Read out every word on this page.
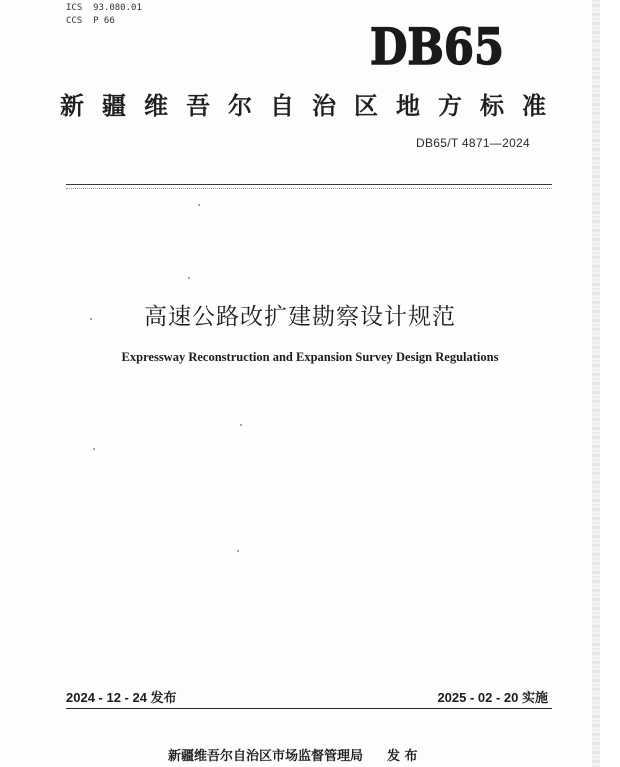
ICS  93.080.01
CCS  P 66	DB65
新 疆 维 吾 尔 自 治 区 地 方 标 准
DB65/T 4871—2024
高速公路改扩建勘察设计规范
Expressway Reconstruction and Expansion Survey Design Regulations
2024 - 12 - 24 发布	2025 - 02 - 20 实施
新疆维吾尔自治区市场监督管理局 发 布
